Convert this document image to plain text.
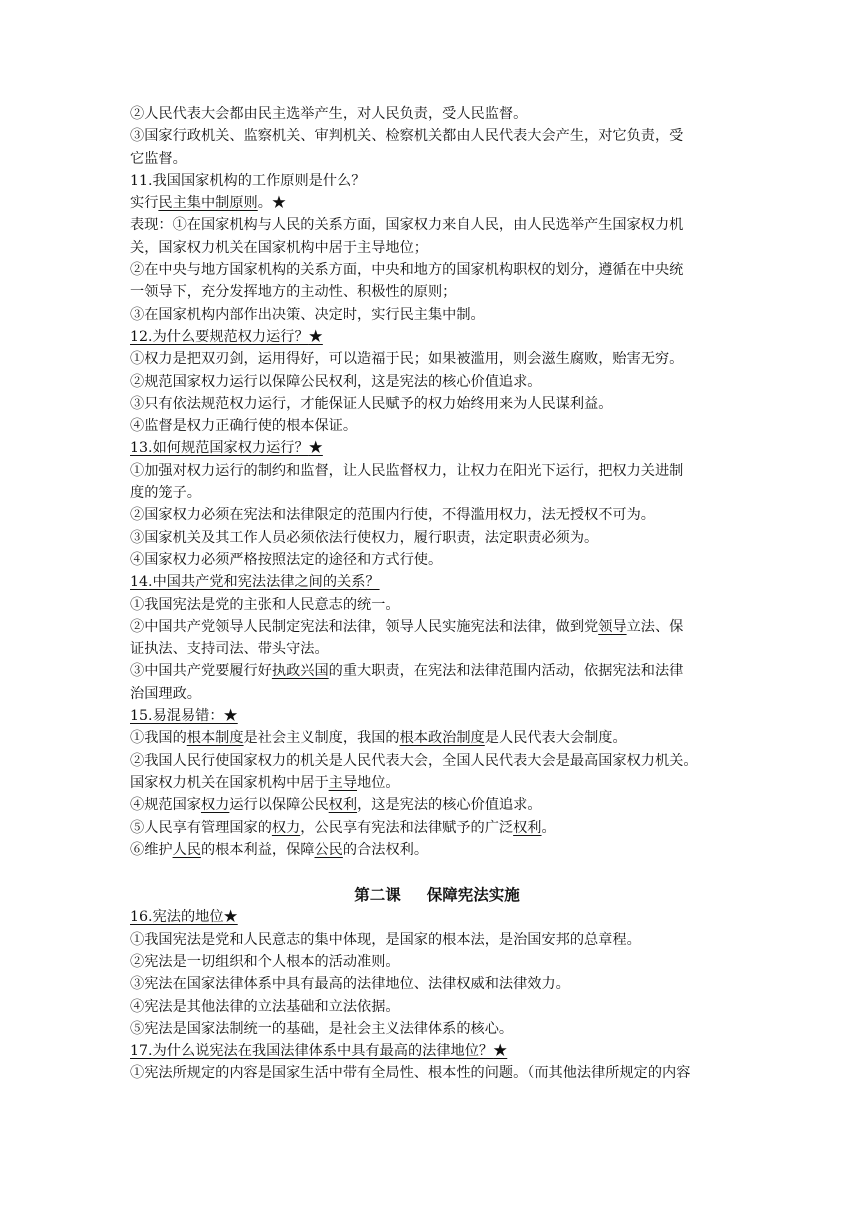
②人民代表大会都由民主选举产生，对人民负责，受人民监督。
③国家行政机关、监察机关、审判机关、检察机关都由人民代表大会产生，对它负责，受
它监督。
11.我国国家机构的工作原则是什么？
实行民主集中制原则。★
表现：①在国家机构与人民的关系方面，国家权力来自人民，由人民选举产生国家权力机
关，国家权力机关在国家机构中居于主导地位；
②在中央与地方国家机构的关系方面，中央和地方的国家机构职权的划分，遵循在中央统
一领导下，充分发挥地方的主动性、积极性的原则；
③在国家机构内部作出决策、决定时，实行民主集中制。
12.为什么要规范权力运行？★
①权力是把双刃剑，运用得好，可以造福于民；如果被滥用，则会滋生腐败，贻害无穷。
②规范国家权力运行以保障公民权利，这是宪法的核心价值追求。
③只有依法规范权力运行，才能保证人民赋予的权力始终用来为人民谋利益。
④监督是权力正确行使的根本保证。
13.如何规范国家权力运行？★
①加强对权力运行的制约和监督，让人民监督权力，让权力在阳光下运行，把权力关进制
度的笼子。
②国家权力必须在宪法和法律限定的范围内行使，不得滥用权力，法无授权不可为。
③国家机关及其工作人员必须依法行使权力，履行职责，法定职责必须为。
④国家权力必须严格按照法定的途径和方式行使。
14.中国共产党和宪法法律之间的关系？
①我国宪法是党的主张和人民意志的统一。
②中国共产党领导人民制定宪法和法律，领导人民实施宪法和法律，做到党领导立法、保
证执法、支持司法、带头守法。
③中国共产党要履行好执政兴国的重大职责，在宪法和法律范围内活动，依据宪法和法律
治国理政。
15.易混易错：★
①我国的根本制度是社会主义制度，我国的根本政治制度是人民代表大会制度。
②我国人民行使国家权力的机关是人民代表大会，全国人民代表大会是最高国家权力机关。
国家权力机关在国家机构中居于主导地位。
④规范国家权力运行以保障公民权利，这是宪法的核心价值追求。
⑤人民享有管理国家的权力，公民享有宪法和法律赋予的广泛权利。
⑥维护人民的根本利益，保障公民的合法权利。
第二课 保障宪法实施
16.宪法的地位★
①我国宪法是党和人民意志的集中体现，是国家的根本法，是治国安邦的总章程。
②宪法是一切组织和个人根本的活动准则。
③宪法在国家法律体系中具有最高的法律地位、法律权威和法律效力。
④宪法是其他法律的立法基础和立法依据。
⑤宪法是国家法制统一的基础，是社会主义法律体系的核心。
17.为什么说宪法在我国法律体系中具有最高的法律地位？★
①宪法所规定的内容是国家生活中带有全局性、根本性的问题。（而其他法律所规定的内容
